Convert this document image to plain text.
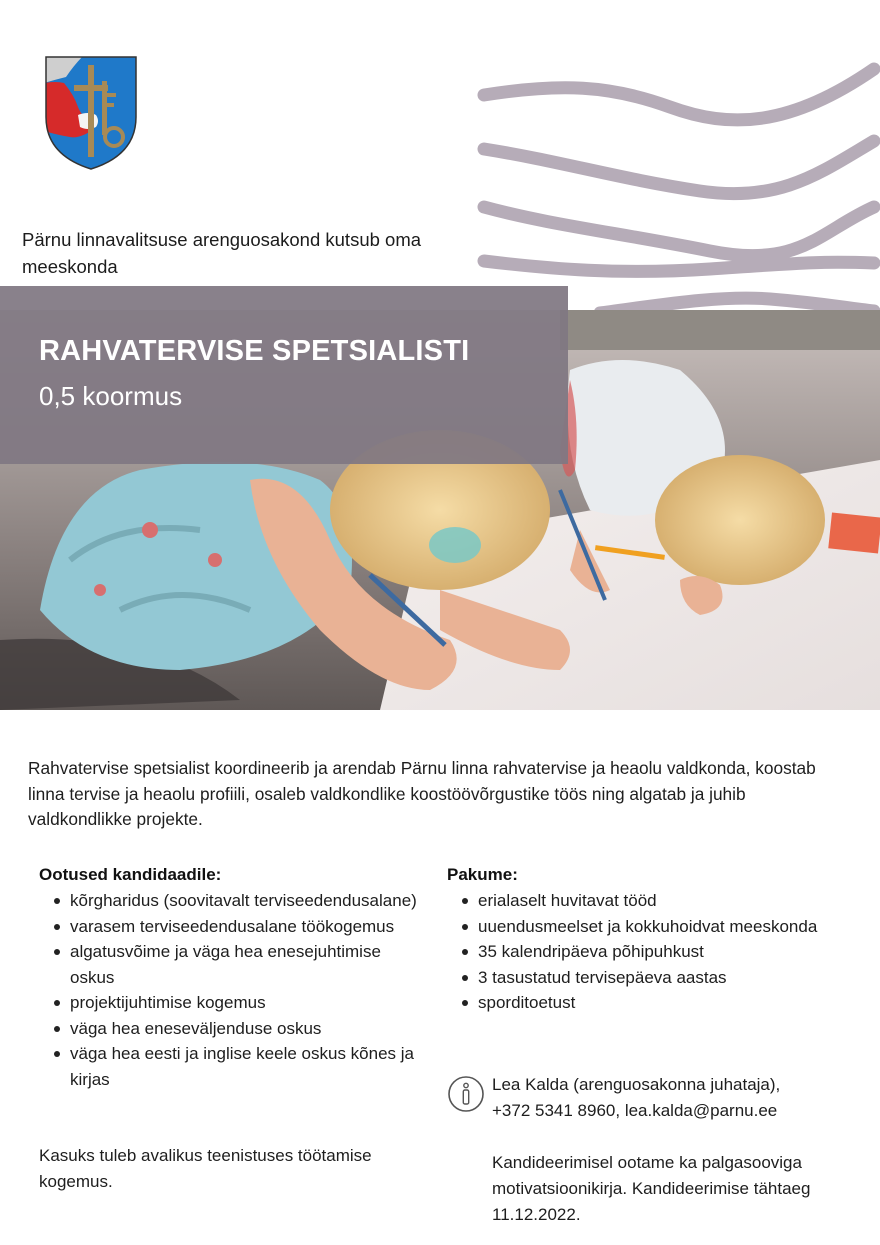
Pärnu linnavalitsuse arenguosakond kutsub oma meeskonda
RAHVATERVISE SPETSIALISTI
0,5 koormus
Rahvatervise spetsialist koordineerib ja arendab Pärnu linna rahvatervise ja heaolu valdkonda, koostab linna tervise ja heaolu profiili, osaleb valdkondlike koostöövõrgustike töös ning algatab ja juhib valdkondlikke projekte.
Ootused kandidaadile:
kõrgharidus (soovitavalt terviseedendusalane)
varasem terviseedendusalane töökogemus
algatusvõime ja väga hea enesejuhtimise oskus
projektijuhtimise kogemus
väga hea eneseväljenduse oskus
väga hea eesti ja inglise keele oskus kõnes ja kirjas
Kasuks tuleb avalikus teenistuses töötamise kogemus.
Pakume:
erialaselt huvitavat tööd
uuendusmeelset ja kokkuhoidvat meeskonda
35 kalendripäeva põhipuhkust
3 tasustatud tervisepäeva aastas
sporditoetust
Lea Kalda (arenguosakonna juhataja),
+372 5341 8960, lea.kalda@parnu.ee
Kandideerimisel ootame ka palgasooviga motivatsioonikirja. Kandideerimise tähtaeg 11.12.2022.
